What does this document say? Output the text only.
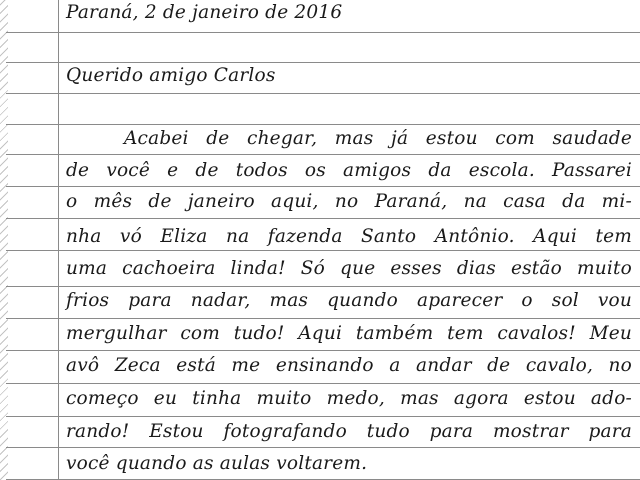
Paraná, 2 de janeiro de 2016
Querido amigo Carlos
Acabei de chegar, mas já estou com saudade
de você e de todos os amigos da escola. Passarei
o mês de janeiro aqui, no Paraná, na casa da mi-
nha vó Eliza na fazenda Santo Antônio. Aqui tem
uma cachoeira linda! Só que esses dias estão muito
frios para nadar, mas quando aparecer o sol vou
mergulhar com tudo! Aqui também tem cavalos! Meu
avô Zeca está me ensinando a andar de cavalo, no
começo eu tinha muito medo, mas agora estou ado-
rando! Estou fotografando tudo para mostrar para
você quando as aulas voltarem.
